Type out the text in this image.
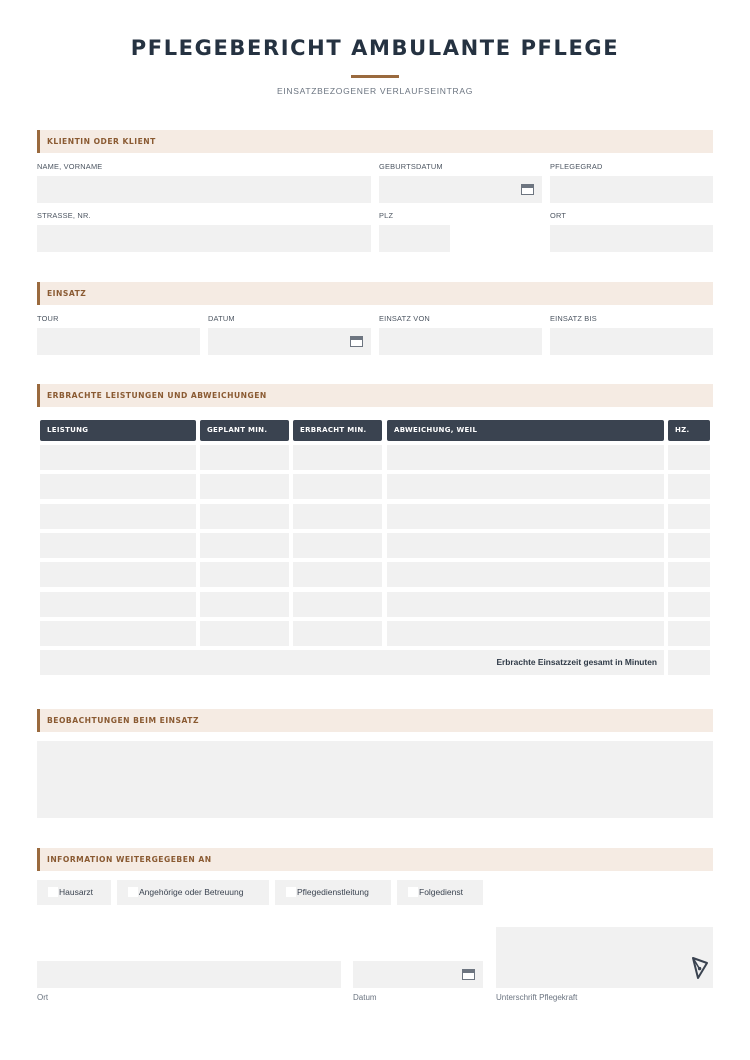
PFLEGEBERICHT AMBULANTE PFLEGE
EINSATZBEZOGENER VERLAUFSEINTRAG
KLIENTIN ODER KLIENT
NAME, VORNAME	GEBURTSDATUM	PFLEGEGRAD
STRASSE, NR.	PLZ	ORT
EINSATZ
TOUR	DATUM	EINSATZ VON	EINSATZ BIS
ERBRACHTE LEISTUNGEN UND ABWEICHUNGEN
LEISTUNG	GEPLANT MIN.	ERBRACHT MIN.	ABWEICHUNG, WEIL	HZ.
Erbrachte Einsatzzeit gesamt in Minuten
BEOBACHTUNGEN BEIM EINSATZ
INFORMATION WEITERGEGEBEN AN
Hausarzt	Angehörige oder Betreuung	Pflegedienstleitung	Folgedienst
Ort	Datum	Unterschrift Pflegekraft
